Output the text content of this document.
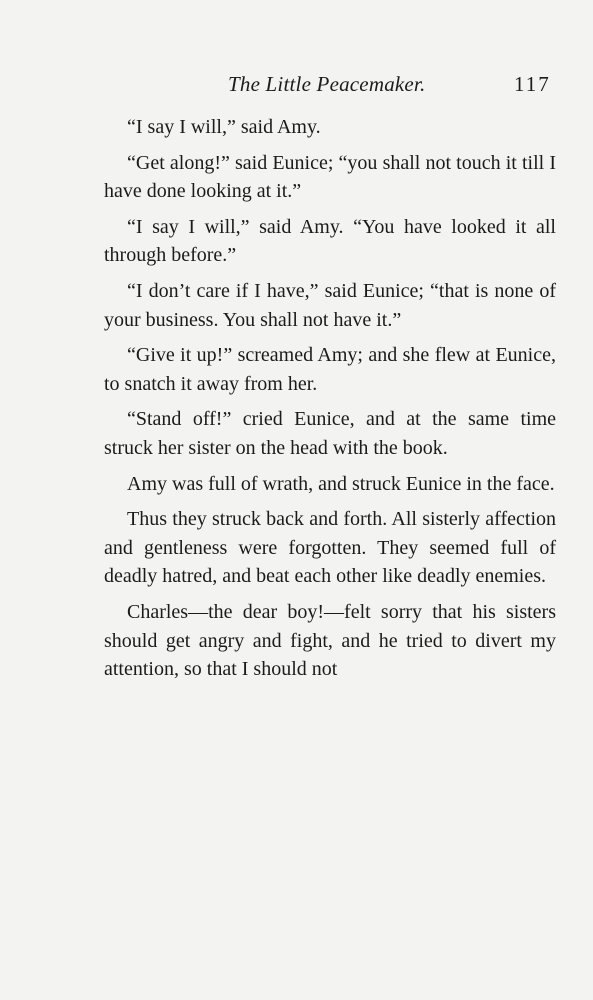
The Little Peacemaker.	117

“I say I will,” said Amy.

“Get along!” said Eunice; “you shall not touch it till I have done looking at it.”

“I say I will,” said Amy. “You have looked it all through before.”

“I don’t care if I have,” said Eunice; “that is none of your business. You shall not have it.”

“Give it up!” screamed Amy; and she flew at Eunice, to snatch it away from her.

“Stand off!” cried Eunice, and at the same time struck her sister on the head with the book.

Amy was full of wrath, and struck Eunice in the face.

Thus they struck back and forth. All sisterly affection and gentleness were forgotten. They seemed full of deadly hatred, and beat each other like deadly enemies.

Charles—the dear boy!—felt sorry that his sisters should get angry and fight, and he tried to divert my attention, so that I should not
